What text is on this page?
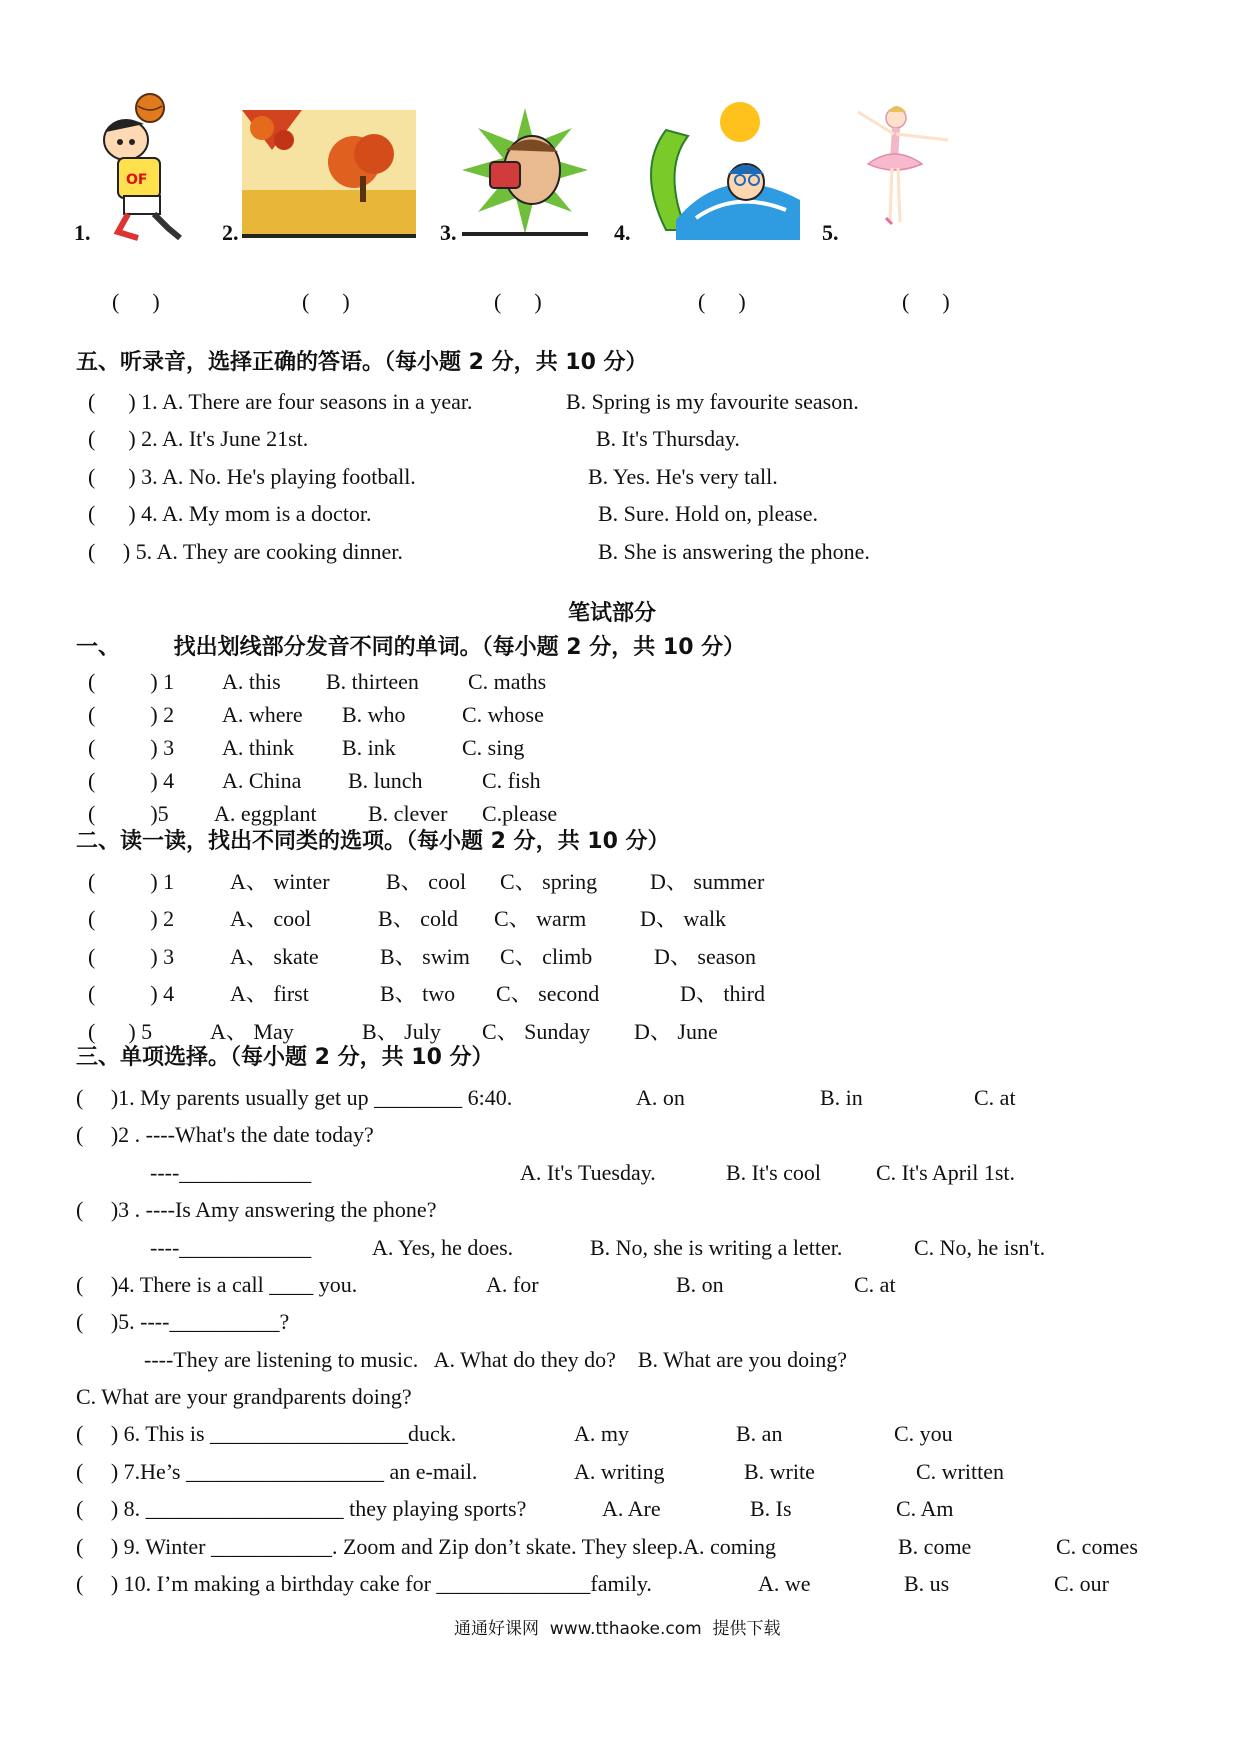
OF
1.	2.	3.	4.	5.
(      )	(      )	(      )	(      )	(      )
五、听录音，选择正确的答语。（每小题 2 分，共 10 分）
(      ) 1. A. There are four seasons in a year.	B. Spring is my favourite season.
(      ) 2. A. It's June 21st.	B. It's Thursday.
(      ) 3. A. No. He's playing football.	B. Yes. He's very tall.
(      ) 4. A. My mom is a doctor.	B. Sure. Hold on, please.
(     ) 5. A. They are cooking dinner.	B. She is answering the phone.
笔试部分
一、       找出划线部分发音不同的单词。（每小题 2 分，共 10 分）
二、读一读，找出不同类的选项。（每小题 2 分，共 10 分）
三、单项选择。（每小题 2 分，共 10 分）
(     )1. My parents usually get up ________ 6:40.	A. on	B. in	C. at
(     )2 . ----What's the date today?
----____________	A. It's Tuesday.	B. It's cool C. It's April 1st.
(     )3 . ----Is Amy answering the phone?
----____________	A. Yes, he does.	B. No, she is writing a letter.	C. No, he isn't.
(     )4. There is a call ____ you.	A. for	B. on	C. at
(     )5. ----__________?
----They are listening to music.   A. What do they do?    B. What are you doing?
C. What are your grandparents doing?
(     ) 6. This is __________________duck.	A. my	B. an	C. you
(     ) 7.He’s __________________ an e-mail.	A. writing	B. write	C. written
(     ) 8. __________________ they playing sports?	A. Are	B. Is	C. Am
(     ) 9. Winter ___________. Zoom and Zip don’t skate. They sleep.A. coming	B. come	C. comes
(     ) 10. I’m making a birthday cake for ______________family.	A. we	B. us	C. our
通通好课网  www.tthaoke.com  提供下载
(          ) 1 A. this B. thirteen C. maths
(          ) 2 A. where B. who	C. whose
(          ) 3 A. think B. ink	C. sing
(          ) 4 A. China B. lunch	C. fish
(          )5 A. eggplant B. clever C.please
(          ) 1	A、 winter	B、 cool C、 spring D、 summer
(          ) 2	A、 cool	B、 cold C、 warm D、 walk
(          ) 3	A、 skate	B、 swim C、 climb	D、 season
(          ) 4	A、 first	B、 two C、 second	D、 third
(      ) 5	A、 May	B、 July C、 Sunday D、 June
